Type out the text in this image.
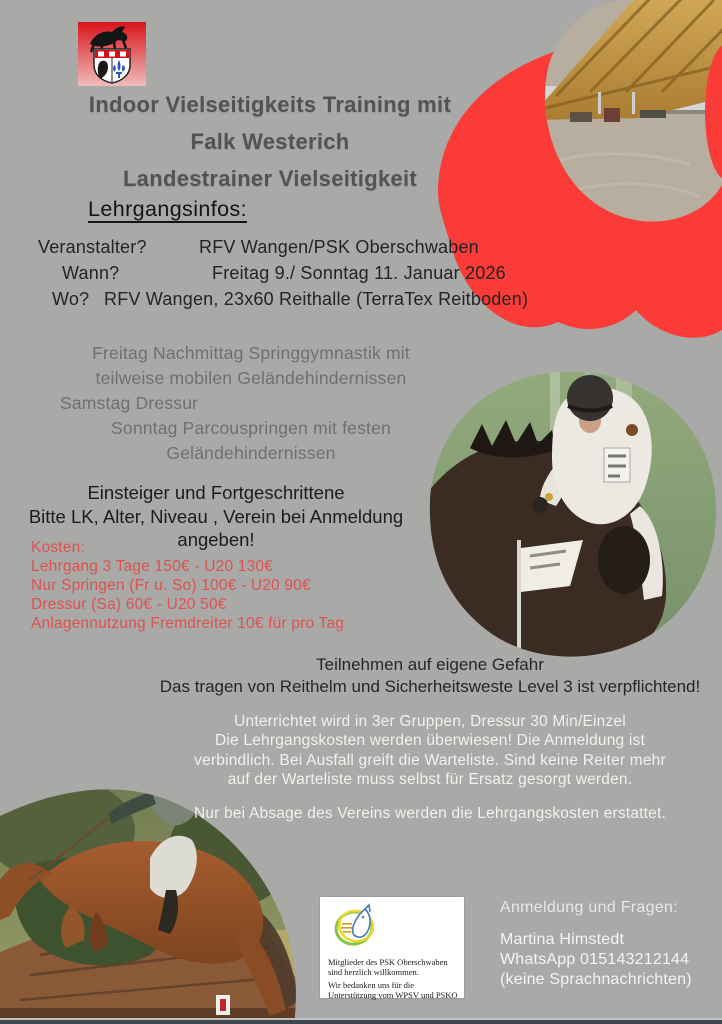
Indoor Vielseitigkeits Training mit
Falk Westerich
Landestrainer Vielseitigkeit
Lehrgangsinfos:
Veranstalter?	RFV Wangen/PSK Oberschwaben
Wann?	Freitag 9./ Sonntag 11. Januar 2026
Wo? RFV Wangen, 23x60 Reithalle (TerraTex Reitboden)
Freitag Nachmittag Springgymnastik mit
teilweise mobilen Geländehindernissen
Samstag Dressur
Sonntag Parcouspringen mit festen
Geländehindernissen
Einsteiger und Fortgeschrittene
Bitte LK, Alter, Niveau , Verein bei Anmeldung angeben!
Kosten:
Lehrgang 3 Tage 150€ - U20 130€
Nur Springen (Fr u. So) 100€ - U20 90€
Dressur (Sa) 60€ - U20 50€
Anlagennutzung Fremdreiter 10€ für pro Tag
Teilnehmen auf eigene Gefahr
Das tragen von Reithelm und Sicherheitsweste Level 3 ist verpflichtend!
Unterrichtet wird in 3er Gruppen, Dressur 30 Min/Einzel
Die Lehrgangskosten werden überwiesen! Die Anmeldung ist
verbindlich. Bei Ausfall greift die Warteliste. Sind keine Reiter mehr
auf der Warteliste muss selbst für Ersatz gesorgt werden.
Nur bei Absage des Vereins werden die Lehrgangskosten erstattet.

Mitglieder des PSK Oberschwaben sind herzlich willkommen.

Wir bedanken uns für die Unterstützung vom WPSV und PSKO

Anmeldung und Fragen:
Martina Himstedt
WhatsApp 015143212144
(keine Sprachnachrichten)
